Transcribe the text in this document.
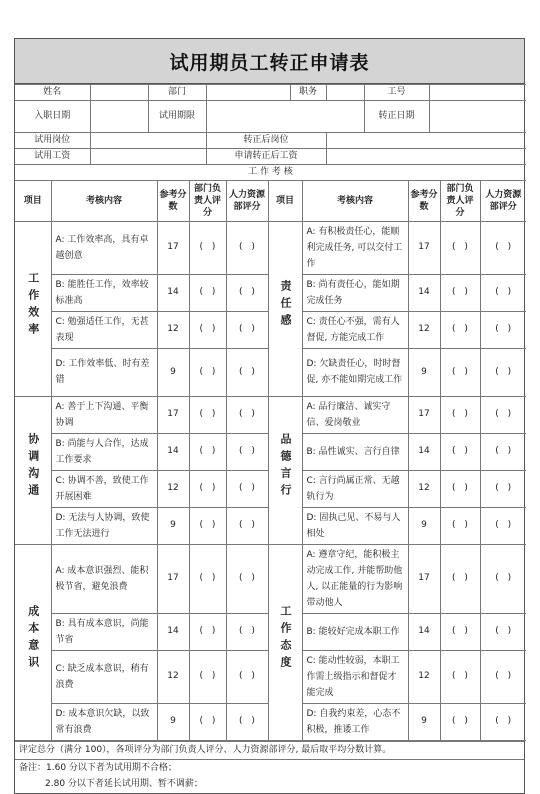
试用期员工转正申请表
姓名		部门		职务		工号	
入职日期		试用期限				转正日期	
试用岗位			转正后岗位				
试用工资			申请转正后工资				
工 作 考 核							
项目	考核内容	参考分数	部门负责人评分	人力资源部评分	项目	考核内容	参考分数	部门负责人评分	人力资源部评分
工作效率	A: 工作效率高，具有卓越创意	17	( )	( )	责任感	A: 有积极责任心，能顺利完成任务, 可以交付工作	17	( )	( )
	B: 能胜任工作，效率较标准高	14	( )	( )		B: 尚有责任心，能如期完成任务	14	( )	( )
	C: 勉强适任工作，无甚表现	12	( )	( )		C: 责任心不强，需有人督促, 方能完成工作	12	( )	( )
	D: 工作效率低、时有差错	9	( )	( )		D: 欠缺责任心，时时督促, 亦不能如期完成工作	9	( )	( )
协调沟通	A: 善于上下沟通、平衡协调	17	( )	( )	品德言行	A: 品行廉洁、诚实守信、爱岗敬业	17	( )	( )
	B: 尚能与人合作，达成工作要求	14	( )	( )		B: 品性诚实、言行自律	14	( )	( )
	C: 协调不善，致使工作开展困难	12	( )	( )		C: 言行尚属正常、无越轨行为	12	( )	( )
	D: 无法与人协调，致使工作无法进行	9	( )	( )		D: 固执己见、不易与人相处	9	( )	( )
成本意识	A: 成本意识强烈、能积极节省，避免浪费	17	( )	( )	工作态度	A: 遵章守纪，能积极主动完成工作, 并能帮助他 人, 以正能量的行为影响带动他人	17	( )	( )
	B: 具有成本意识，尚能节省	14	( )	( )		B: 能较好完成本职工作	14	( )	( )
	C: 缺乏成本意识，稍有浪费	12	( )	( )		C: 能动性较弱，本职工作需上级指示和督促才能完成	12	( )	( )
	D: 成本意识欠缺，以致常有浪费	9	( )	( )		D: 自我约束差，心态不积极，推诿工作	9	( )	( )
评定总分（满分 100），各项评分为部门负责人评分、人力资源部评分, 最后取平均分数计算。

备注：1.60 分以下者为试用期不合格；
2.80 分以下者延长试用期、暂不调薪；
